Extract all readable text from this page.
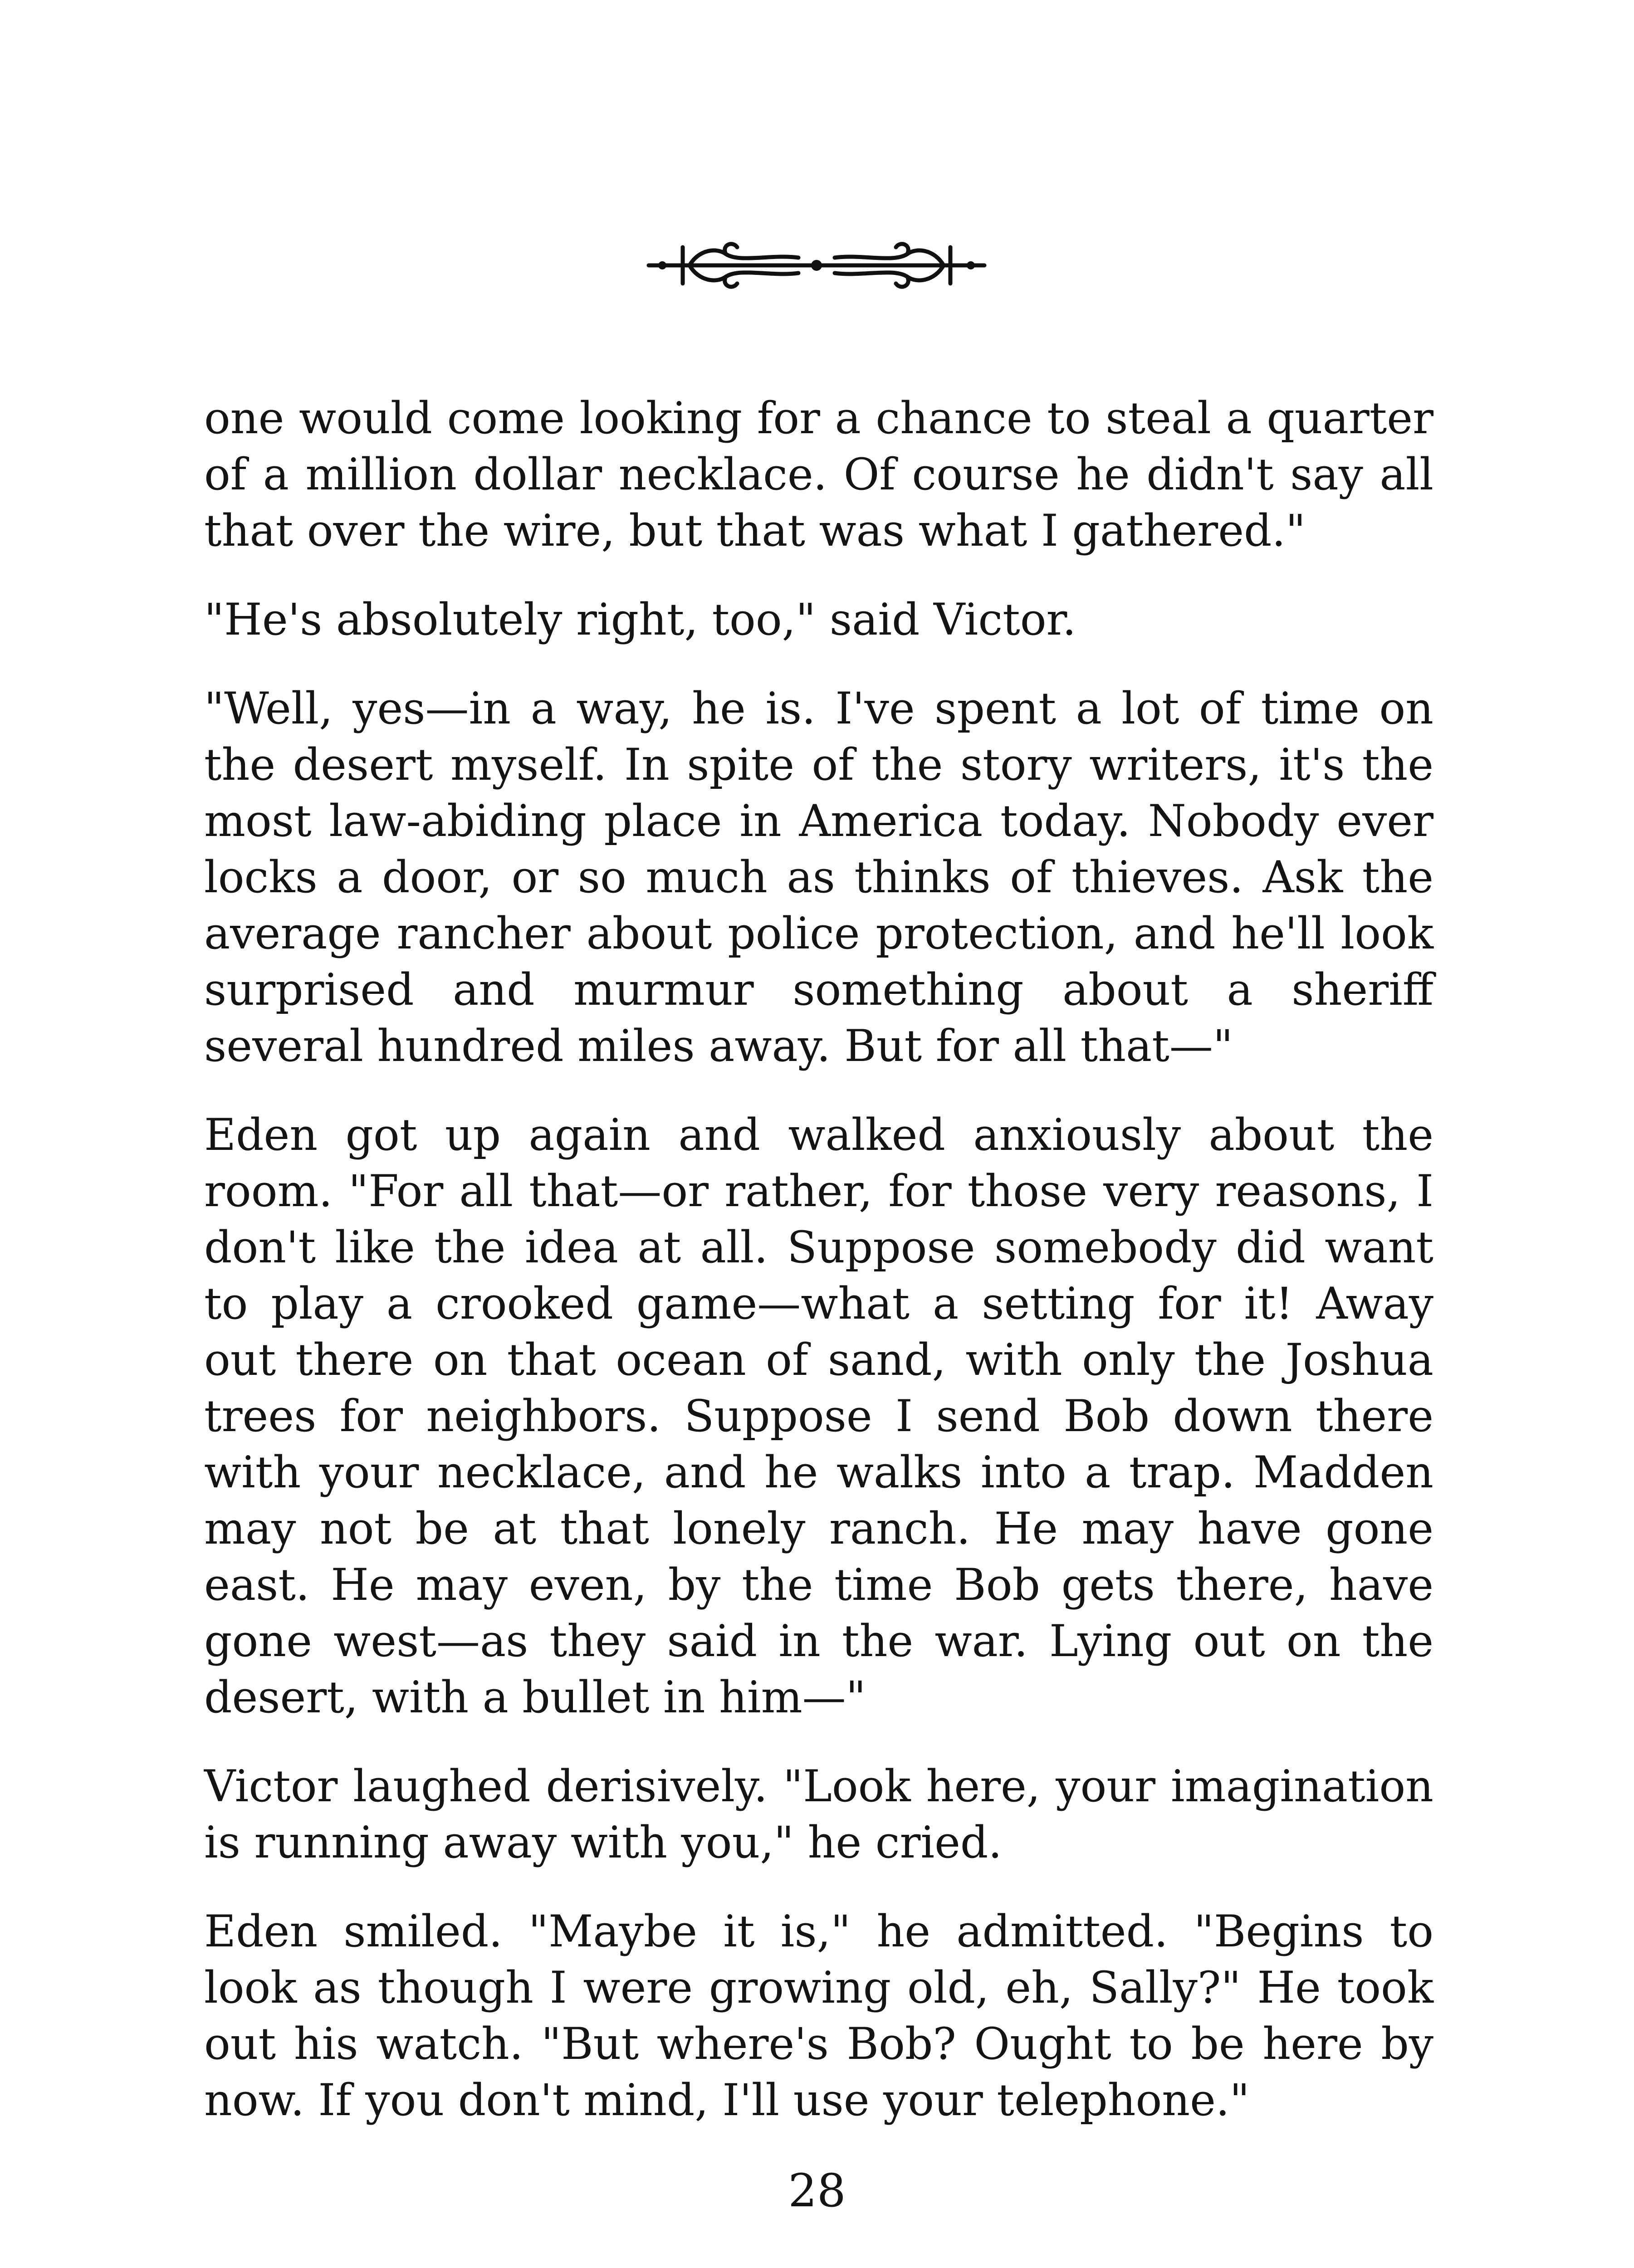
one would come looking for a chance to steal a quarter of a million dollar necklace. Of course he didn't say all that over the wire, but that was what I gathered."

"He's absolutely right, too," said Victor.

"Well, yes—in a way, he is. I've spent a lot of time on the desert myself. In spite of the story writers, it's the most law-abiding place in America today. Nobody ever locks a door, or so much as thinks of thieves. Ask the average rancher about police protection, and he'll look surprised and murmur something about a sheriff several hundred miles away. But for all that—"

Eden got up again and walked anxiously about the room. "For all that—or rather, for those very reasons, I don't like the idea at all. Suppose somebody did want to play a crooked game—what a setting for it! Away out there on that ocean of sand, with only the Joshua trees for neighbors. Suppose I send Bob down there with your necklace, and he walks into a trap. Madden may not be at that lonely ranch. He may have gone east. He may even, by the time Bob gets there, have gone west—as they said in the war. Lying out on the desert, with a bullet in him—"

Victor laughed derisively. "Look here, your imagination is running away with you," he cried.

Eden smiled. "Maybe it is," he admitted. "Begins to look as though I were growing old, eh, Sally?" He took out his watch. "But where's Bob? Ought to be here by now. If you don't mind, I'll use your telephone."

28
